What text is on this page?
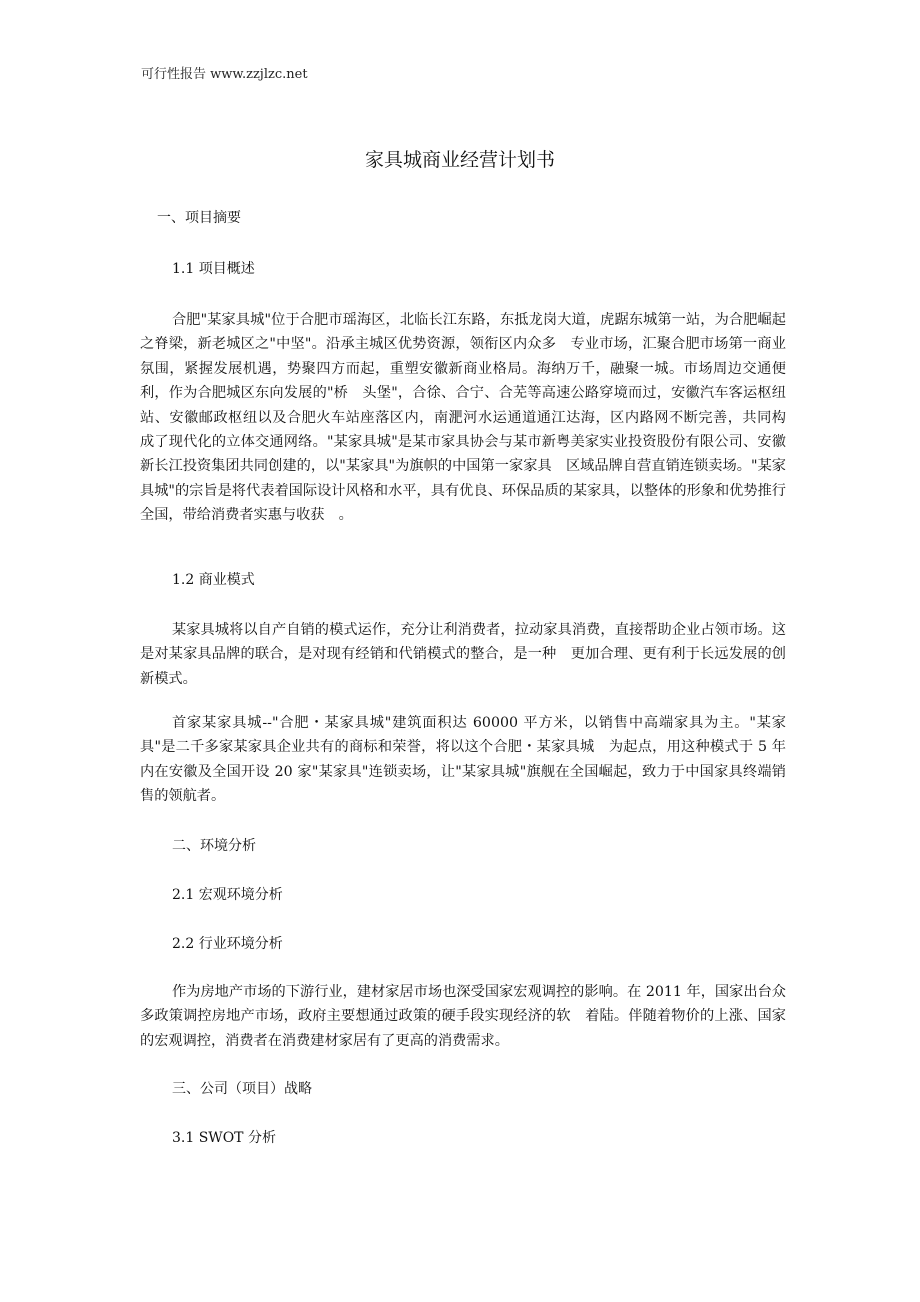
可行性报告 www.zzjlzc.net
家具城商业经营计划书
一、项目摘要
1.1 项目概述
合肥"某家具城"位于合肥市瑶海区，北临长江东路，东抵龙岗大道，虎踞东城第一站，为合肥崛起之脊梁，新老城区之"中坚"。沿承主城区优势资源，领衔区内众多　专业市场，汇聚合肥市场第一商业氛围，紧握发展机遇，势聚四方而起，重塑安徽新商业格局。海纳万千，融聚一城。市场周边交通便利，作为合肥城区东向发展的"桥　头堡"，合徐、合宁、合芜等高速公路穿境而过，安徽汽车客运枢纽站、安徽邮政枢纽以及合肥火车站座落区内，南淝河水运通道通江达海，区内路网不断完善，共同构　成了现代化的立体交通网络。"某家具城"是某市家具协会与某市新粤美家实业投资股份有限公司、安徽新长江投资集团共同创建的，以"某家具"为旗帜的中国第一家家具　区域品牌自营直销连锁卖场。"某家具城"的宗旨是将代表着国际设计风格和水平，具有优良、环保品质的某家具，以整体的形象和优势推行全国，带给消费者实惠与收获　。
1.2 商业模式
某家具城将以自产自销的模式运作，充分让利消费者，拉动家具消费，直接帮助企业占领市场。这是对某家具品牌的联合，是对现有经销和代销模式的整合，是一种　更加合理、更有利于长远发展的创新模式。
首家某家具城--"合肥・某家具城"建筑面积达 60000 平方米，以销售中高端家具为主。"某家具"是二千多家某家具企业共有的商标和荣誉，将以这个合肥・某家具城　为起点，用这种模式于 5 年内在安徽及全国开设 20 家"某家具"连锁卖场，让"某家具城"旗舰在全国崛起，致力于中国家具终端销售的领航者。
二、环境分析
2.1 宏观环境分析
2.2 行业环境分析
作为房地产市场的下游行业，建材家居市场也深受国家宏观调控的影响。在 2011 年，国家出台众多政策调控房地产市场，政府主要想通过政策的硬手段实现经济的软　着陆。伴随着物价的上涨、国家的宏观调控，消费者在消费建材家居有了更高的消费需求。
三、公司（项目）战略
3.1 SWOT 分析
